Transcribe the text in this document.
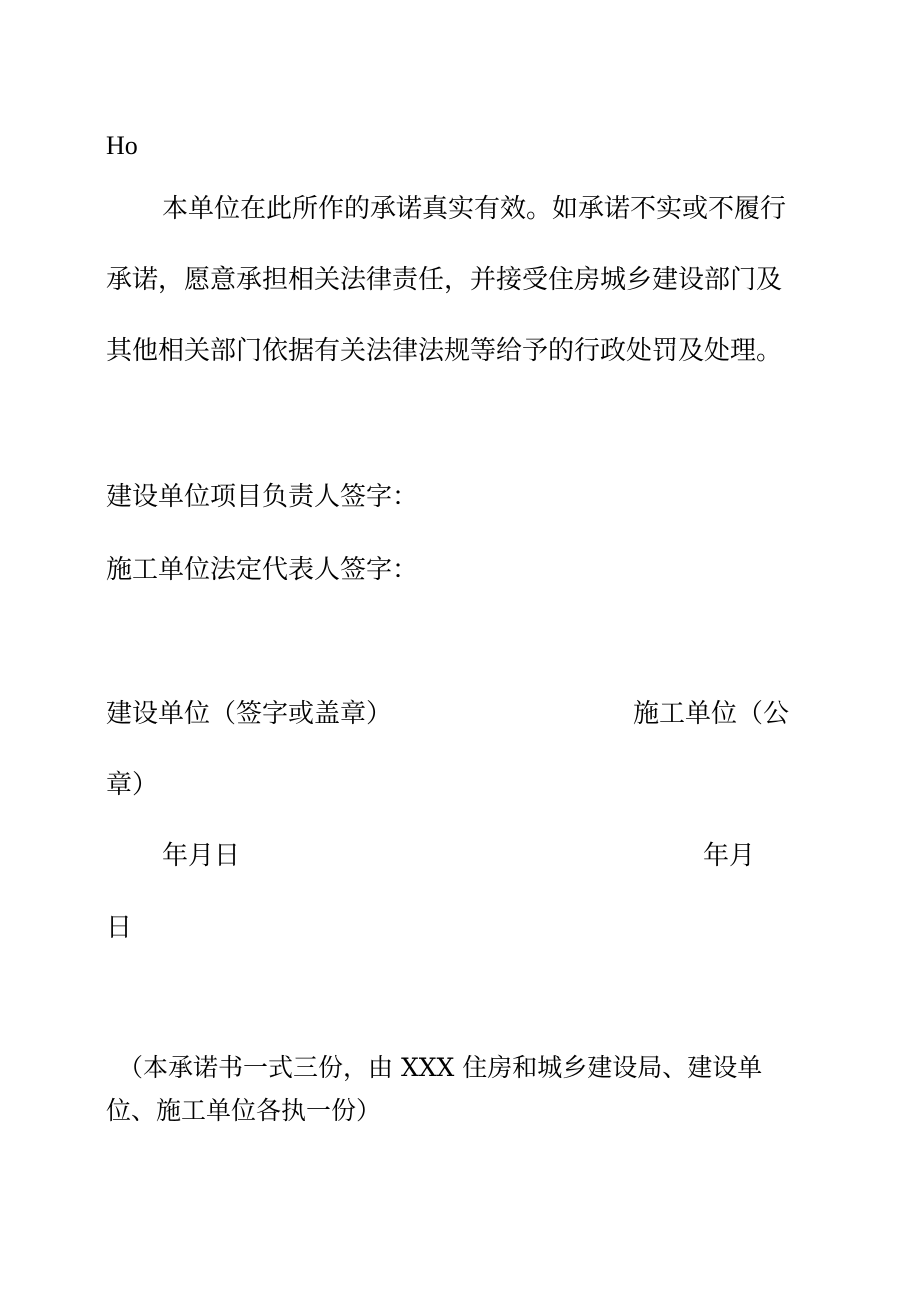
Ho
本单位在此所作的承诺真实有效。如承诺不实或不履行
承诺，愿意承担相关法律责任，并接受住房城乡建设部门及
其他相关部门依据有关法律法规等给予的行政处罚及处理。
建设单位项目负责人签字：
施工单位法定代表人签字：
建设单位（签字或盖章）	施工单位（公
章）
年月日	年月
日
（本承诺书一式三份，由 XXX 住房和城乡建设局、建设单
位、施工单位各执一份）
